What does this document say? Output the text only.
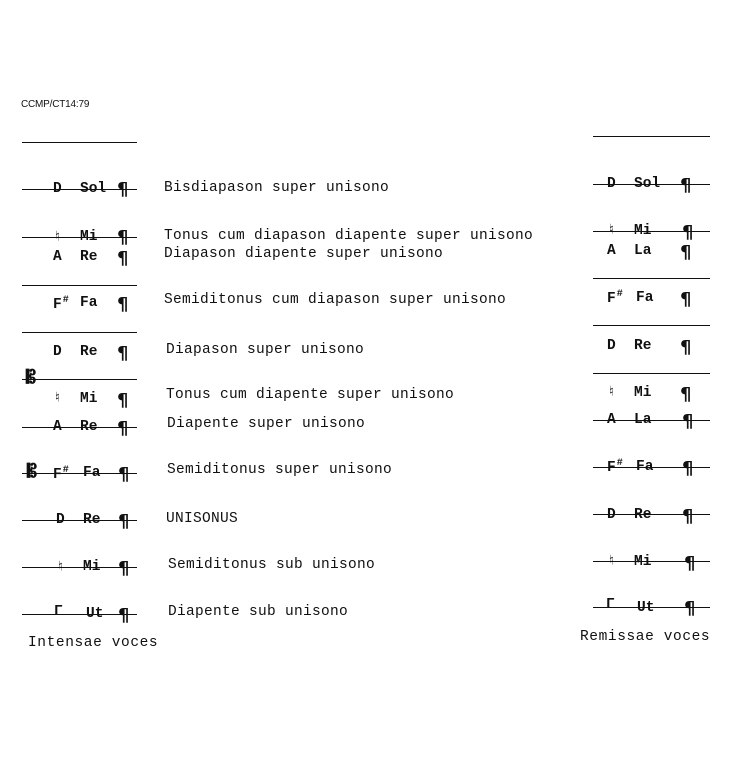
CCMP/CT14:79
𝄡
𝄡
D Sol ¶ Bisdiapason super unisono
♮ Mi ¶ Tonus cum diapason diapente super unisono
A Re ¶ Diapason diapente super unisono
F# Fa ¶ Semiditonus cum diapason super unisono
D Re ¶	Diapason super unisono
♮ Mi ¶	Tonus cum diapente super unisono
A Re ¶	Diapente super unisono
F# Fa ¶	Semiditonus super unisono
D Re ¶	UNISONUS
♮ Mi ¶	Semiditonus sub unisono
Γ Ut ¶	Diapente sub unisono
Intensae voces
D Sol ¶
♮ Mi ¶
A La ¶
F# Fa ¶
D Re ¶
♮ Mi ¶
A La ¶
F# Fa ¶
D Re ¶
♮ Mi ¶
Γ Ut ¶
Remissae voces
